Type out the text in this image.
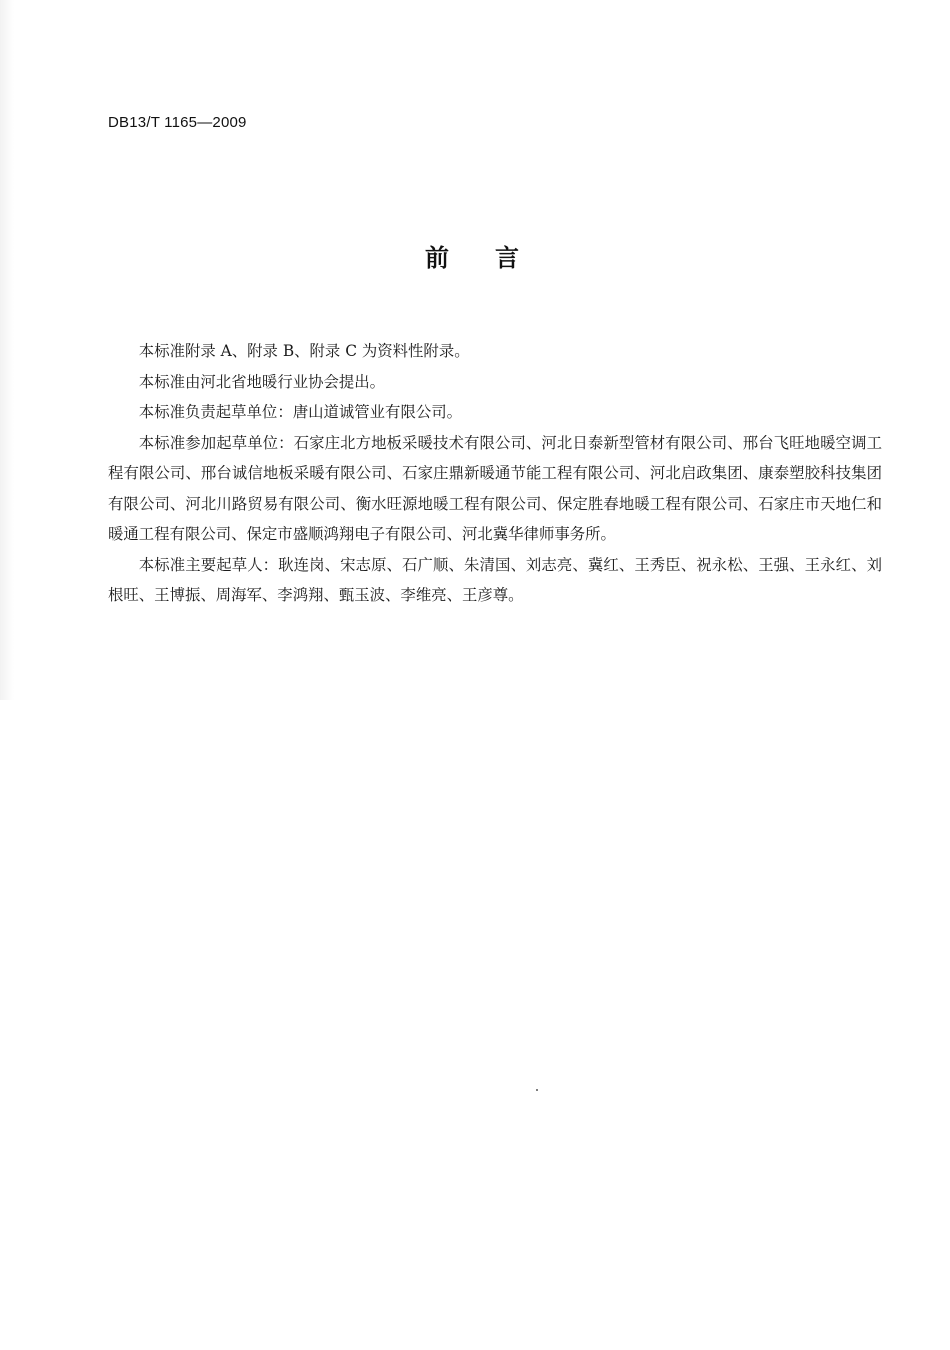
DB13/T 1165—2009
前言

本标准附录 A、附录 B、附录 C 为资料性附录。

本标准由河北省地暖行业协会提出。

本标准负责起草单位：唐山道诚管业有限公司。

本标准参加起草单位：石家庄北方地板采暖技术有限公司、河北日泰新型管材有限公司、邢台飞旺地暖空调工程有限公司、邢台诚信地板采暖有限公司、石家庄鼎新暖通节能工程有限公司、河北启政集团、康泰塑胶科技集团有限公司、河北川路贸易有限公司、衡水旺源地暖工程有限公司、保定胜春地暖工程有限公司、石家庄市天地仁和暖通工程有限公司、保定市盛顺鸿翔电子有限公司、河北冀华律师事务所。

本标准主要起草人：耿连岗、宋志原、石广顺、朱清国、刘志亮、冀红、王秀臣、祝永松、王强、王永红、刘根旺、王博振、周海军、李鸿翔、甄玉波、李维亮、王彦尊。
